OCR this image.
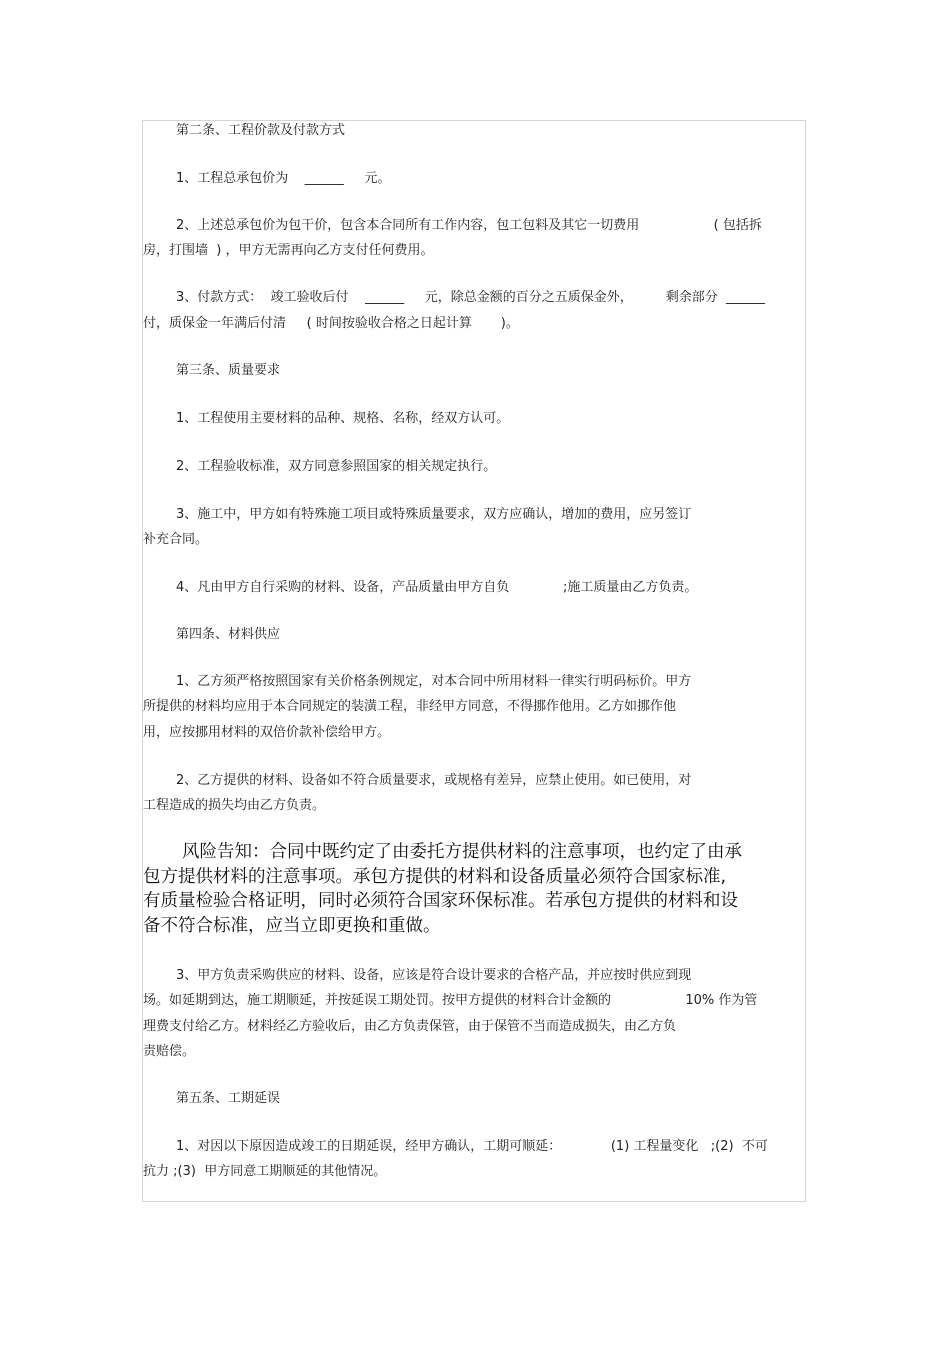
第二条、工程价款及付款方式
1、工程总承包价为    ______     元。
2、上述总承包价为包干价，包含本合同所有工作内容，包工包料及其它一切费用                  ( 包括拆
房，打围墙  ) ，甲方无需再向乙方支付任何费用。
3、付款方式：  竣工验收后付    ______     元，除总金额的百分之五质保金外，        剩余部分  ______
付，质保金一年满后付清     ( 时间按验收合格之日起计算       )。
第三条、质量要求
1、工程使用主要材料的品种、规格、名称，经双方认可。
2、工程验收标准，双方同意参照国家的相关规定执行。
3、施工中，甲方如有特殊施工项目或特殊质量要求，双方应确认，增加的费用，应另签订
补充合同。
4、凡由甲方自行采购的材料、设备，产品质量由甲方自负             ;施工质量由乙方负责。
第四条、材料供应
1、乙方须严格按照国家有关价格条例规定，对本合同中所用材料一律实行明码标价。甲方
所提供的材料均应用于本合同规定的装潢工程，非经甲方同意，不得挪作他用。乙方如挪作他
用，应按挪用材料的双倍价款补偿给甲方。
2、乙方提供的材料、设备如不符合质量要求，或规格有差异，应禁止使用。如已使用，对
工程造成的损失均由乙方负责。
风险告知：合同中既约定了由委托方提供材料的注意事项，也约定了由承
包方提供材料的注意事项。承包方提供的材料和设备质量必须符合国家标准,
有质量检验合格证明，同时必须符合国家环保标准。若承包方提供的材料和设
备不符合标准，应当立即更换和重做。
3、甲方负责采购供应的材料、设备，应该是符合设计要求的合格产品，并应按时供应到现
场。如延期到达，施工期顺延，并按延误工期处罚。按甲方提供的材料合计金额的                  10% 作为管
理费支付给乙方。材料经乙方验收后，由乙方负责保管，由于保管不当而造成损失，由乙方负
责赔偿。
第五条、工期延误
1、对因以下原因造成竣工的日期延误，经甲方确认，工期可顺延：            (1) 工程量变化   ;(2)  不可
抗力 ;(3)  甲方同意工期顺延的其他情况。
